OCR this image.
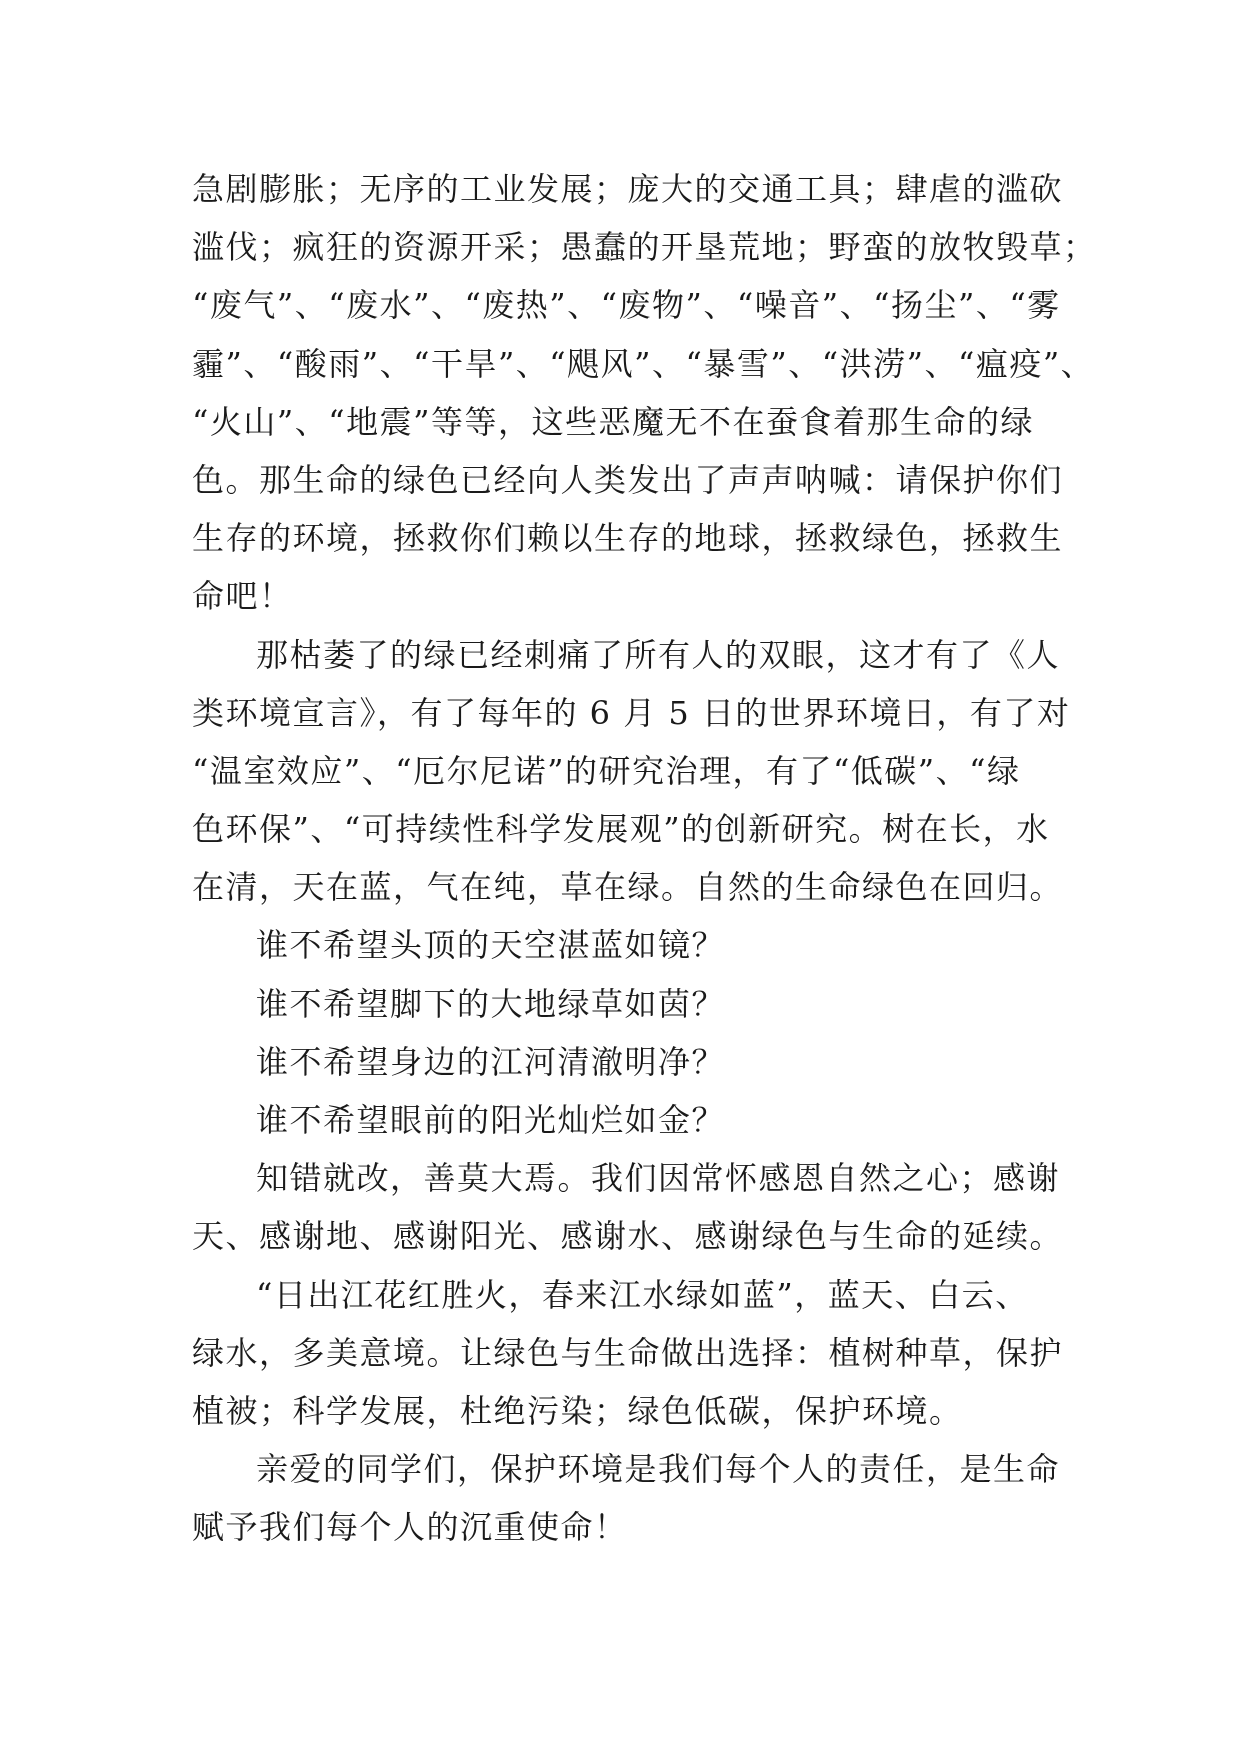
急剧膨胀；无序的工业发展；庞大的交通工具；肆虐的滥砍
滥伐；疯狂的资源开采；愚蠢的开垦荒地；野蛮的放牧毁草；
“废气”、“废水”、“废热”、“废物”、“噪音”、“扬尘”、“雾
霾”、“酸雨”、“干旱”、“飓风”、“暴雪”、“洪涝”、“瘟疫”、
“火山”、“地震”等等，这些恶魔无不在蚕食着那生命的绿
色。那生命的绿色已经向人类发出了声声呐喊：请保护你们
生存的环境，拯救你们赖以生存的地球，拯救绿色，拯救生
命吧！
那枯萎了的绿已经刺痛了所有人的双眼，这才有了《人
类环境宣言》，有了每年的 6 月 5 日的世界环境日，有了对
“温室效应”、“厄尔尼诺”的研究治理，有了“低碳”、“绿
色环保”、“可持续性科学发展观”的创新研究。树在长，水
在清，天在蓝，气在纯，草在绿。自然的生命绿色在回归。
谁不希望头顶的天空湛蓝如镜？
谁不希望脚下的大地绿草如茵？
谁不希望身边的江河清澈明净？
谁不希望眼前的阳光灿烂如金？
知错就改，善莫大焉。我们因常怀感恩自然之心；感谢
天、感谢地、感谢阳光、感谢水、感谢绿色与生命的延续。
“日出江花红胜火，春来江水绿如蓝”，蓝天、白云、
绿水，多美意境。让绿色与生命做出选择：植树种草，保护
植被；科学发展，杜绝污染；绿色低碳，保护环境。
亲爱的同学们，保护环境是我们每个人的责任，是生命
赋予我们每个人的沉重使命！
